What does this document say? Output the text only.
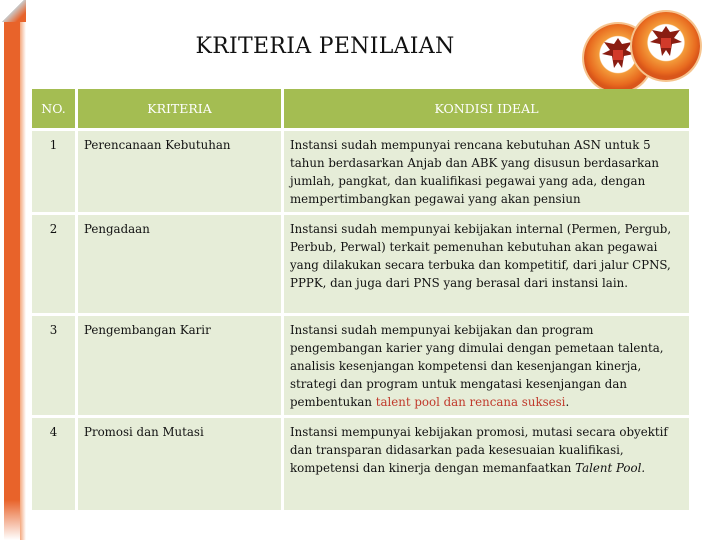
KRITERIA PENILAIAN
NO.	KRITERIA	KONDISI IDEAL
1	Perencanaan Kebutuhan	Instansi sudah mempunyai rencana kebutuhan ASN untuk 5 tahun berdasarkan Anjab dan ABK yang disusun berdasarkan jumlah, pangkat, dan kualifikasi pegawai yang ada, dengan mempertimbangkan pegawai yang akan pensiun
2	Pengadaan	Instansi sudah mempunyai kebijakan internal (Permen, Pergub, Perbub, Perwal) terkait pemenuhan kebutuhan akan pegawai yang dilakukan secara terbuka dan kompetitif, dari jalur CPNS, PPPK, dan juga dari PNS yang berasal dari instansi lain.
3	Pengembangan Karir	Instansi sudah mempunyai kebijakan dan program pengembangan karier yang dimulai dengan pemetaan talenta, analisis kesenjangan kompetensi dan kesenjangan kinerja, strategi dan program untuk mengatasi kesenjangan dan pembentukan talent pool dan rencana suksesi.
4	Promosi dan Mutasi	Instansi mempunyai kebijakan promosi, mutasi secara obyektif dan transparan didasarkan pada kesesuaian kualifikasi, kompetensi dan kinerja dengan memanfaatkan Talent Pool.
